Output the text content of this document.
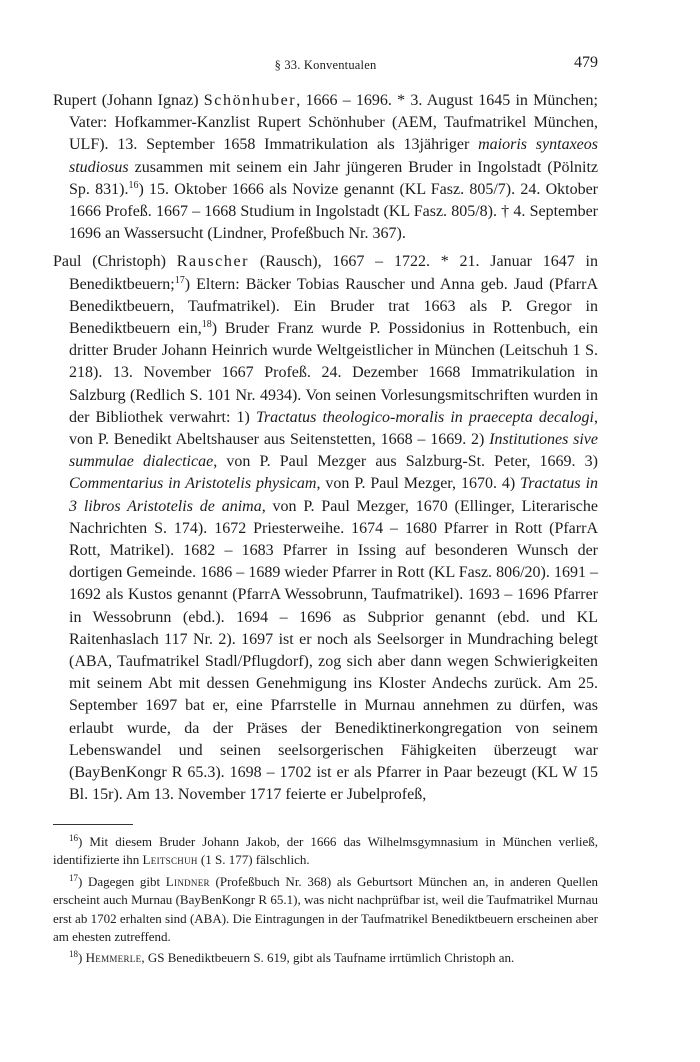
§ 33. Konventualen	479

Rupert (Johann Ignaz) Schönhuber, 1666 – 1696. * 3. August 1645 in München; Vater: Hofkammer-Kanzlist Rupert Schönhuber (AEM, Taufmatrikel München, ULF). 13. September 1658 Immatrikulation als 13jähriger maioris syntaxeos studiosus zusammen mit seinem ein Jahr jüngeren Bruder in Ingolstadt (Pölnitz Sp. 831).$^{16}$) 15. Oktober 1666 als Novize genannt (KL Fasz. 805/7). 24. Oktober 1666 Profeß. 1667 – 1668 Studium in Ingolstadt (KL Fasz. 805/8). † 4. September 1696 an Wassersucht (Lindner, Profeßbuch Nr. 367).

Paul (Christoph) Rauscher (Rausch), 1667 – 1722. * 21. Januar 1647 in Benediktbeuern;$^{17}$) Eltern: Bäcker Tobias Rauscher und Anna geb. Jaud (PfarrA Benediktbeuern, Taufmatrikel). Ein Bruder trat 1663 als P. Gregor in Benediktbeuern ein,$^{18}$) Bruder Franz wurde P. Possidonius in Rottenbuch, ein dritter Bruder Johann Heinrich wurde Weltgeistlicher in München (Leitschuh 1 S. 218). 13. November 1667 Profeß. 24. Dezember 1668 Immatrikulation in Salzburg (Redlich S. 101 Nr. 4934). Von seinen Vorlesungsmitschriften wurden in der Bibliothek verwahrt: 1) Tractatus theologico-moralis in praecepta decalogi, von P. Benedikt Abeltshauser aus Seitenstetten, 1668 – 1669. 2) Institutiones sive summulae dialecticae, von P. Paul Mezger aus Salzburg-St. Peter, 1669. 3) Commentarius in Aristotelis physicam, von P. Paul Mezger, 1670. 4) Tractatus in 3 libros Aristotelis de anima, von P. Paul Mezger, 1670 (Ellinger, Literarische Nachrichten S. 174). 1672 Priesterweihe. 1674 – 1680 Pfarrer in Rott (PfarrA Rott, Matrikel). 1682 – 1683 Pfarrer in Issing auf besonderen Wunsch der dortigen Gemeinde. 1686 – 1689 wieder Pfarrer in Rott (KL Fasz. 806/20). 1691 – 1692 als Kustos genannt (PfarrA Wessobrunn, Taufmatrikel). 1693 – 1696 Pfarrer in Wessobrunn (ebd.). 1694 – 1696 as Subprior genannt (ebd. und KL Raitenhaslach 117 Nr. 2). 1697 ist er noch als Seelsorger in Mundraching belegt (ABA, Taufmatrikel Stadl/Pflugdorf), zog sich aber dann wegen Schwierigkeiten mit seinem Abt mit dessen Genehmigung ins Kloster Andechs zurück. Am 25. September 1697 bat er, eine Pfarrstelle in Murnau annehmen zu dürfen, was erlaubt wurde, da der Präses der Benediktinerkongregation von seinem Lebenswandel und seinen seelsorgerischen Fähigkeiten überzeugt war (BayBenKongr R 65.3). 1698 – 1702 ist er als Pfarrer in Paar bezeugt (KL W 15 Bl. 15r). Am 13. November 1717 feierte er Jubelprofeß,

$^{16}$) Mit diesem Bruder Johann Jakob, der 1666 das Wilhelmsgymnasium in München verließ, identifizierte ihn Leitschuh (1 S. 177) fälschlich.

$^{17}$) Dagegen gibt Lindner (Profeßbuch Nr. 368) als Geburtsort München an, in anderen Quellen erscheint auch Murnau (BayBenKongr R 65.1), was nicht nachprüfbar ist, weil die Taufmatrikel Murnau erst ab 1702 erhalten sind (ABA). Die Eintragungen in der Taufmatrikel Benediktbeuern erscheinen aber am ehesten zutreffend.

$^{18}$) Hemmerle, GS Benediktbeuern S. 619, gibt als Taufname irrtümlich Christoph an.
